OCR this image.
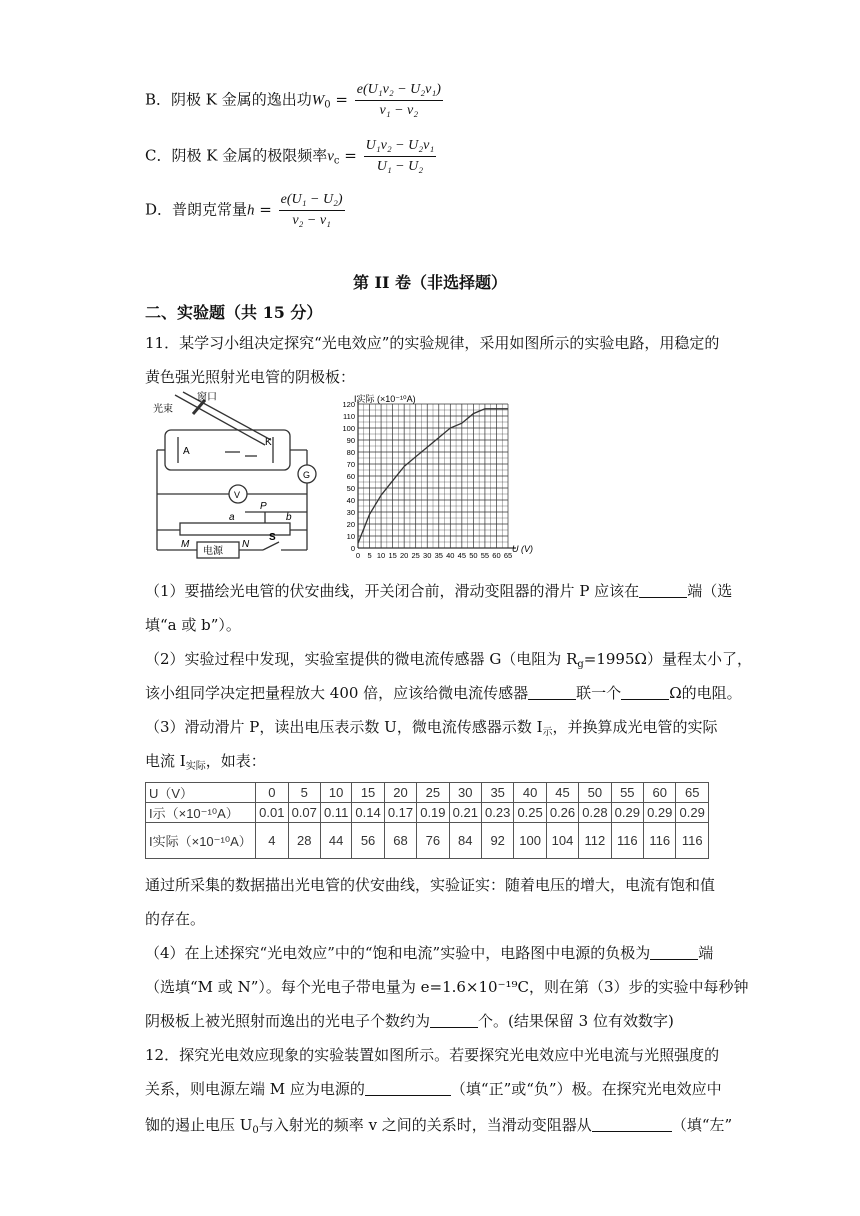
B．阴极 K 金属的逸出功$W_0 = \frac{\text{e(U₁v₂ − U₂v₁)}}{\text{v₁ − v₂}}$
C．阴极 K 金属的极限频率$v_c = \frac{\text{U₁v₂ − U₂v₁}}{\text{U₁ − U₂}}$
D．普朗克常量$h = \frac{\text{e(U₁ − U₂)}}{\text{v₂ − v₁}}$
第 II 卷（非选择题）
二、实验题（共 15 分）
11．某学习小组决定探究“光电效应”的实验规律，采用如图所示的实验电路，用稳定的
黄色强光照射光电管的阴极板：
光束
窗口
A
K
G
V
a
P
b
M	N
电源
S
0
10
20
30
40
50
60
70
80
90
100
110
120
0 5 10 15 20 25 30 35 40 45 50 55 60 65
I实际 (×10⁻¹⁰A)
U (V)
（1）要描绘光电管的伏安曲线，开关闭合前，滑动变阻器的滑片 P 应该在	端（选
填“a 或 b”）。
（2）实验过程中发现，实验室提供的微电流传感器 G（电阻为 $R_g=1995\Omega$）量程太小了，
该小组同学决定把量程放大 400 倍，应该给微电流传感器	联一个	Ω的电阻。
（3）滑动滑片 P，读出电压表示数 U，微电流传感器示数 $I_示$，并换算成光电管的实际
电流 $I_{实际}$，如表：
U（V）	0	5	10	15	20	25	30	35	40	45	50	55	60	65
I示（×10⁻¹⁰A）	0.01	0.07	0.11	0.14	0.17	0.19	0.21	0.23	0.25	0.26	0.28	0.29	0.29	0.29
I实际（×10⁻¹⁰A）	4	28	44	56	68	76	84	92	100	104	112	116	116	116
通过所采集的数据描出光电管的伏安曲线，实验证实：随着电压的增大，电流有饱和值
的存在。
（4）在上述探究“光电效应”中的“饱和电流”实验中，电路图中电源的负极为	端
（选填“M 或 N”）。每个光电子带电量为 e=1.6×10⁻¹⁹C，则在第（3）步的实验中每秒钟
阴极板上被光照射而逸出的光电子个数约为	个。(结果保留 3 位有效数字)
12．探究光电效应现象的实验装置如图所示。若要探究光电效应中光电流与光照强度的
关系，则电源左端 M 应为电源的	（填“正”或“负”）极。在探究光电效应中
铷的遏止电压 $U_0$与入射光的频率 v 之间的关系时，当滑动变阻器从	（填“左”
